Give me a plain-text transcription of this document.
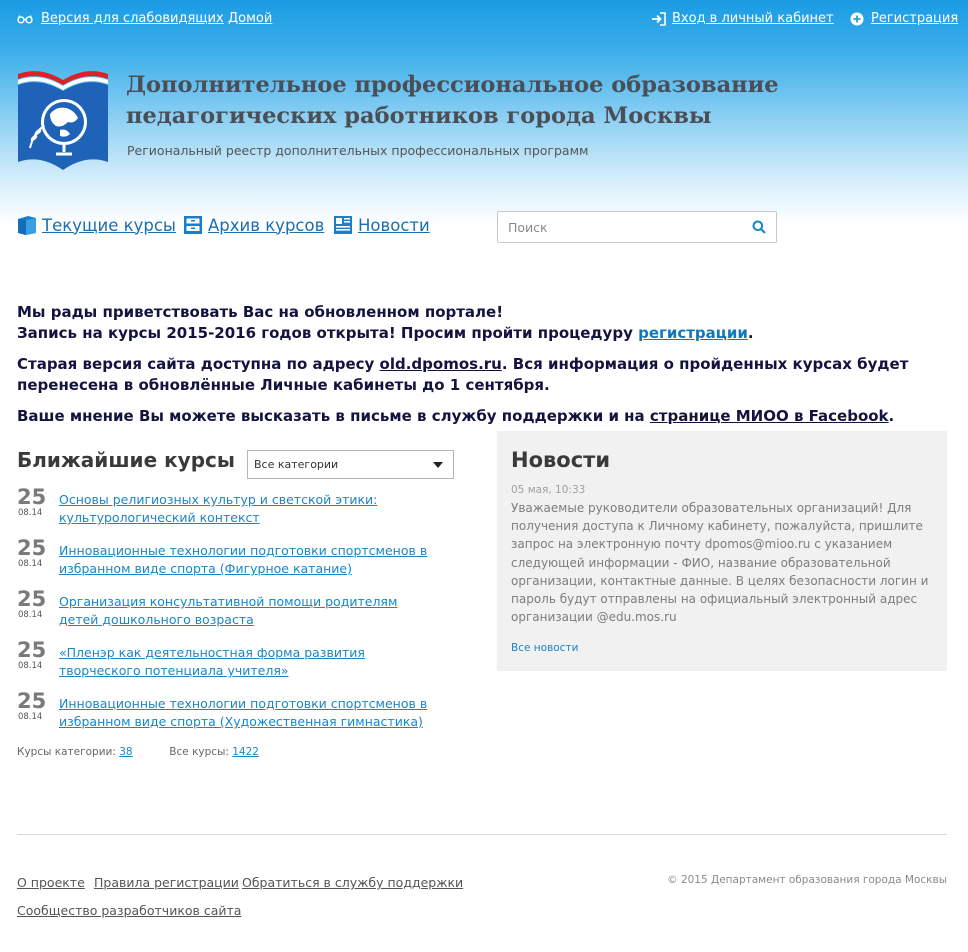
Версия для слабовидящих Домой	Вход в личный кабинет	Регистрация
Дополнительное профессиональное образование педагогических работников города Москвы
Региональный реестр дополнительных профессиональных программ
Текущие курсы Архив курсов Новости
Поиск
Мы рады приветствовать Вас на обновленном портале!
Запись на курсы 2015-2016 годов открыта! Просим пройти процедуру регистрации.
Старая версия сайта доступна по адресу old.dpomos.ru. Вся информация о пройденных курсах будет перенесена в обновлённые Личные кабинеты до 1 сентября.
Ваше мнение Вы можете высказать в письме в службу поддержки и на странице МИОО в Facebook.
Ближайшие курсы Все категории
25
08.14
Основы религиозных культур и светской этики: культурологический контекст
25
08.14
Инновационные технологии подготовки спортсменов в избранном виде спорта (Фигурное катание)
25
08.14
Организация консультативной помощи родителям детей дошкольного возраста
25
08.14
«Пленэр как деятельностная форма развития творческого потенциала учителя»
25
08.14
Инновационные технологии подготовки спортсменов в избранном виде спорта (Художественная гимнастика)
Курсы категории: 38	Все курсы: 1422
Новости
05 мая, 10:33
Уважаемые руководители образовательных организаций! Для получения доступа к Личному кабинету, пожалуйста, пришлите запрос на электронную почту dpomos@mioo.ru с указанием следующей информации - ФИО, название образовательной организации, контактные данные. В целях безопасности логин и пароль будут отправлены на официальный электронный адрес организации @edu.mos.ru
Все новости
О проекте Правила регистрации Обратиться в службу поддержки
Сообщество разработчиков сайта
© 2015 Департамент образования города Москвы
